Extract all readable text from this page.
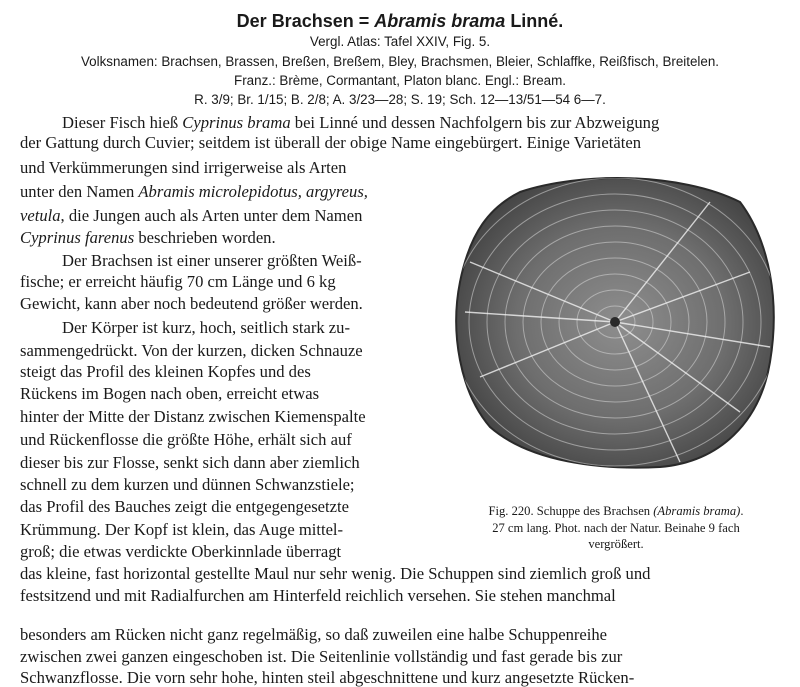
Der Brachsen = Abramis brama Linné.
Vergl. Atlas: Tafel XXIV, Fig. 5.
Volksnamen: Brachsen, Brassen, Breßen, Breßem, Bley, Brachsmen, Bleier, Schlaffke, Reißfisch, Breitelen.
Franz.: Brème, Cormantant, Platon blanc. Engl.: Bream.
R. 3/9; Br. 1/15; B. 2/8; A. 3/23—28; S. 19; Sch. 12—13/51—54 6—7.
Dieser Fisch hieß Cyprinus brama bei Linné und dessen Nachfolgern bis zur Abzweigung
der Gattung durch Cuvier; seitdem ist überall der obige Name eingebürgert. Einige Varietäten
und Verkümmerungen sind irrigerweise als Arten
unter den Namen Abramis microlepidotus, argyreus,
vetula, die Jungen auch als Arten unter dem Namen
Cyprinus farenus beschrieben worden.
Der Brachsen ist einer unserer größten Weiß-
fische; er erreicht häufig 70 cm Länge und 6 kg
Gewicht, kann aber noch bedeutend größer werden.
Der Körper ist kurz, hoch, seitlich stark zu-
sammengedrückt. Von der kurzen, dicken Schnauze
steigt das Profil des kleinen Kopfes und des
Rückens im Bogen nach oben, erreicht etwas
hinter der Mitte der Distanz zwischen Kiemenspalte
und Rückenflosse die größte Höhe, erhält sich auf
dieser bis zur Flosse, senkt sich dann aber ziemlich
schnell zu dem kurzen und dünnen Schwanzstiele;
das Profil des Bauches zeigt die entgegengesetzte
Krümmung. Der Kopf ist klein, das Auge mittel-
groß; die etwas verdickte Oberkinnlade überragt
das kleine, fast horizontal gestellte Maul nur sehr wenig. Die Schuppen sind ziemlich groß und
festsitzend und mit Radialfurchen am Hinterfeld reichlich versehen. Sie stehen manchmal
besonders am Rücken nicht ganz regelmäßig, so daß zuweilen eine halbe Schuppenreihe
zwischen zwei ganzen eingeschoben ist. Die Seitenlinie vollständig und fast gerade bis zur
Schwanzflosse. Die vorn sehr hohe, hinten steil abgeschnittene und kurz angesetzte Rücken-
Fig. 220. Schuppe des Brachsen (Abramis brama).
27 cm lang. Phot. nach der Natur. Beinahe 9 fach
vergrößert.
